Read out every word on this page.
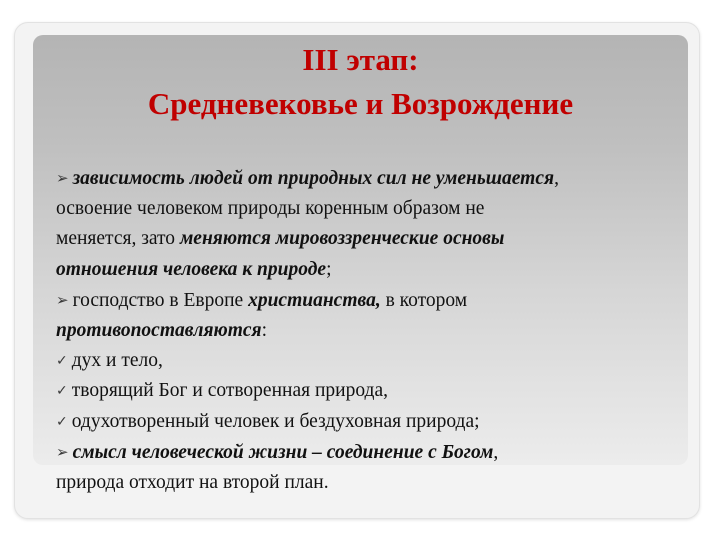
III этап:
Средневековье и Возрождение
➢ зависимость людей от природных сил не уменьшается,
освоение человеком природы коренным образом не
меняется, зато меняются мировоззренческие основы
отношения человека к природе;
➢ господство в Европе христианства, в котором
противопоставляются:
✓ дух и тело,
✓ творящий Бог и сотворенная природа,
✓ одухотворенный человек и бездуховная природа;
➢ смысл человеческой жизни – соединение с Богом,
природа отходит на второй план.
